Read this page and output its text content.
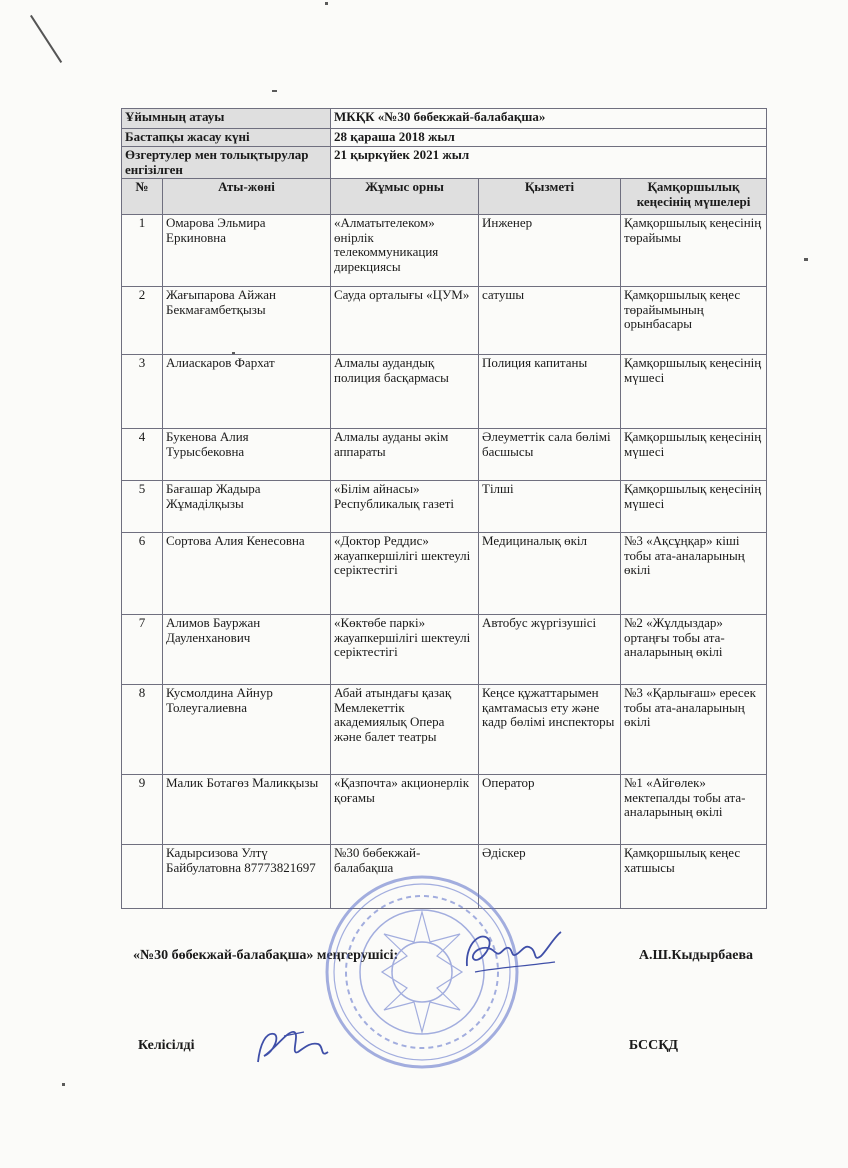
Ұйымның атауы		МКҚК «№30 бөбекжай-балабақша»		
Бастапқы жасау күні		28 қараша 2018 жыл		
Өзгертулер мен толықтырулар енгізілген		21 қыркүйек 2021 жыл		
№	Аты-жөні	Жұмыс орны	Қызметі	Қамқоршылық кеңесінің мүшелері
1	Омарова Эльмира Еркиновна	«Алматытелеком» өнірлік телекоммуникация дирекциясы	Инженер	Қамқоршылық кеңесінің төрайымы
2	Жағыпарова Айжан Бекмағамбетқызы	Сауда орталығы «ЦУМ»	сатушы	Қамқоршылық кеңес төрайымының орынбасары
3	Алиаскаров Фархат	Алмалы аудандық полиция басқармасы	Полиция капитаны	Қамқоршылық кеңесінің мүшесі
4	Букенова Алия Турысбековна	Алмалы ауданы әкім аппараты	Әлеуметтік сала бөлімі басшысы	Қамқоршылық кеңесінің мүшесі
5	Бағашар Жадыра Жұмаділқызы	«Білім айнасы» Республикалық газеті	Тілші	Қамқоршылық кеңесінің мүшесі
6	Сортова Алия Кенесовна	«Доктор Реддис» жауапкершілігі шектеулі серіктестігі	Медициналық өкіл	№3 «Ақсұңқар» кіші тобы ата-аналарының өкілі
7	Алимов Бауржан Дауленханович	«Көктөбе паркі» жауапкершілігі шектеулі серіктестігі	Автобус жүргізушісі	№2 «Жұлдыздар» ортаңғы тобы ата-аналарының өкілі
8	Кусмолдина Айнур Толеугалиевна	Абай атындағы қазақ Мемлекеттік академиялық Опера және балет театры	Кеңсе құжаттарымен қамтамасыз ету және кадр бөлімі инспекторы	№3 «Қарлығаш» ересек тобы ата-аналарының өкілі
9	Малик Ботагөз Маликқызы	«Қазпочта» акционерлік қоғамы	Оператор	№1 «Айгөлек» мектепалды тобы ата-аналарының өкілі
	Кадырсизова Ултү Байбулатовна 87773821697	№30 бөбекжай-балабақша	Әдіскер	Қамқоршылық кеңес хатшысы
«№30 бөбекжай-балабақша» меңгерушісі:	А.Ш.Кыдырбаева
Келісілді	БССҚД
